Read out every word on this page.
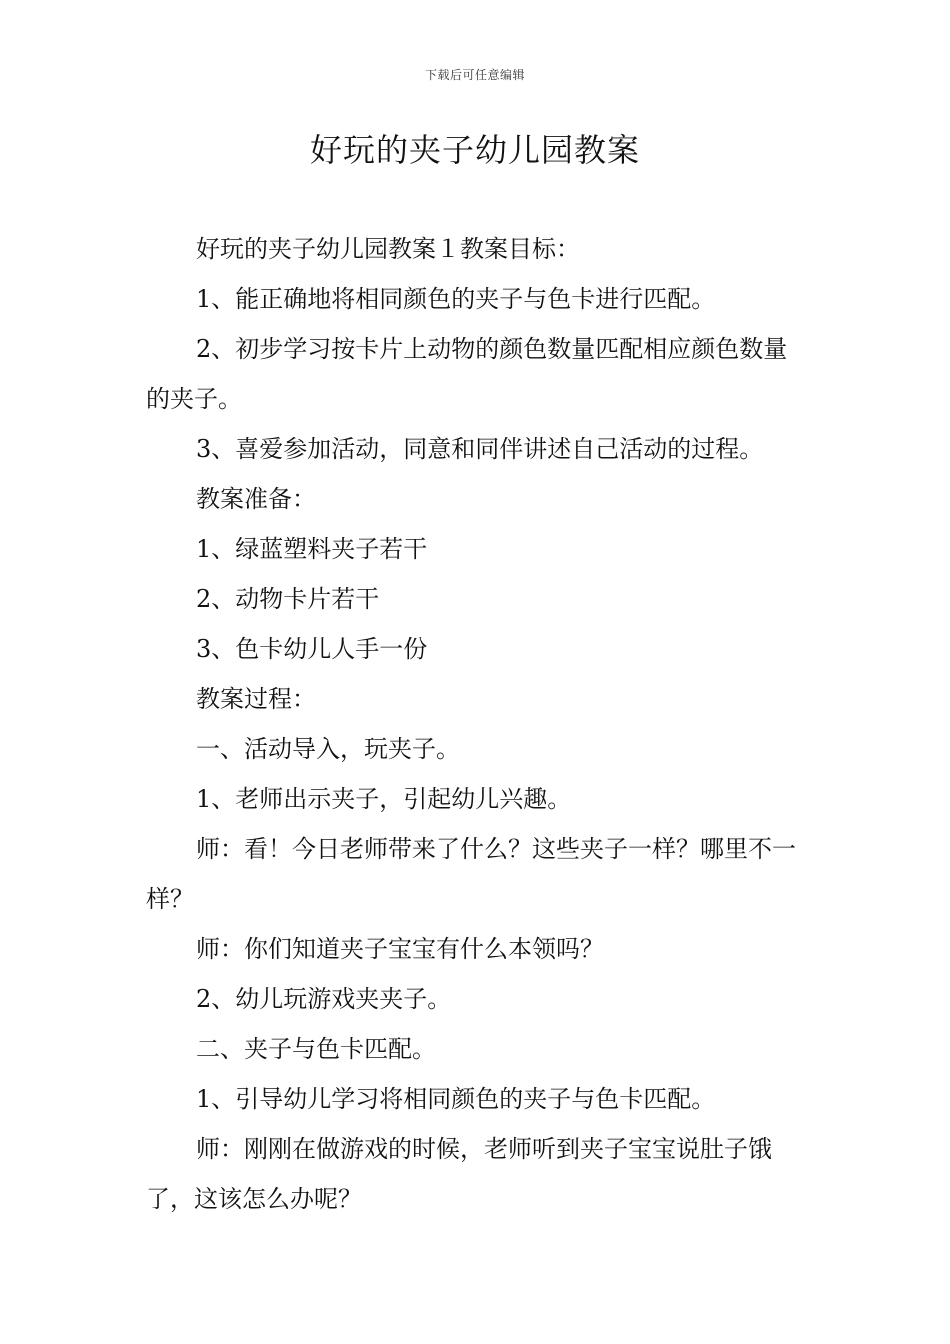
下载后可任意编辑
好玩的夹子幼儿园教案

好玩的夹子幼儿园教案１教案目标：

1、能正确地将相同颜色的夹子与色卡进行匹配。

2、初步学习按卡片上动物的颜色数量匹配相应颜色数量的夹子。

3、喜爱参加活动，同意和同伴讲述自己活动的过程。

教案准备：

1、绿蓝塑料夹子若干

2、动物卡片若干

3、色卡幼儿人手一份

教案过程：

一、活动导入，玩夹子。

1、老师出示夹子，引起幼儿兴趣。

师：看！今日老师带来了什么？这些夹子一样？哪里不一样？

师：你们知道夹子宝宝有什么本领吗？

2、幼儿玩游戏夹夹子。

二、夹子与色卡匹配。

1、引导幼儿学习将相同颜色的夹子与色卡匹配。

师：刚刚在做游戏的时候，老师听到夹子宝宝说肚子饿了，这该怎么办呢？
